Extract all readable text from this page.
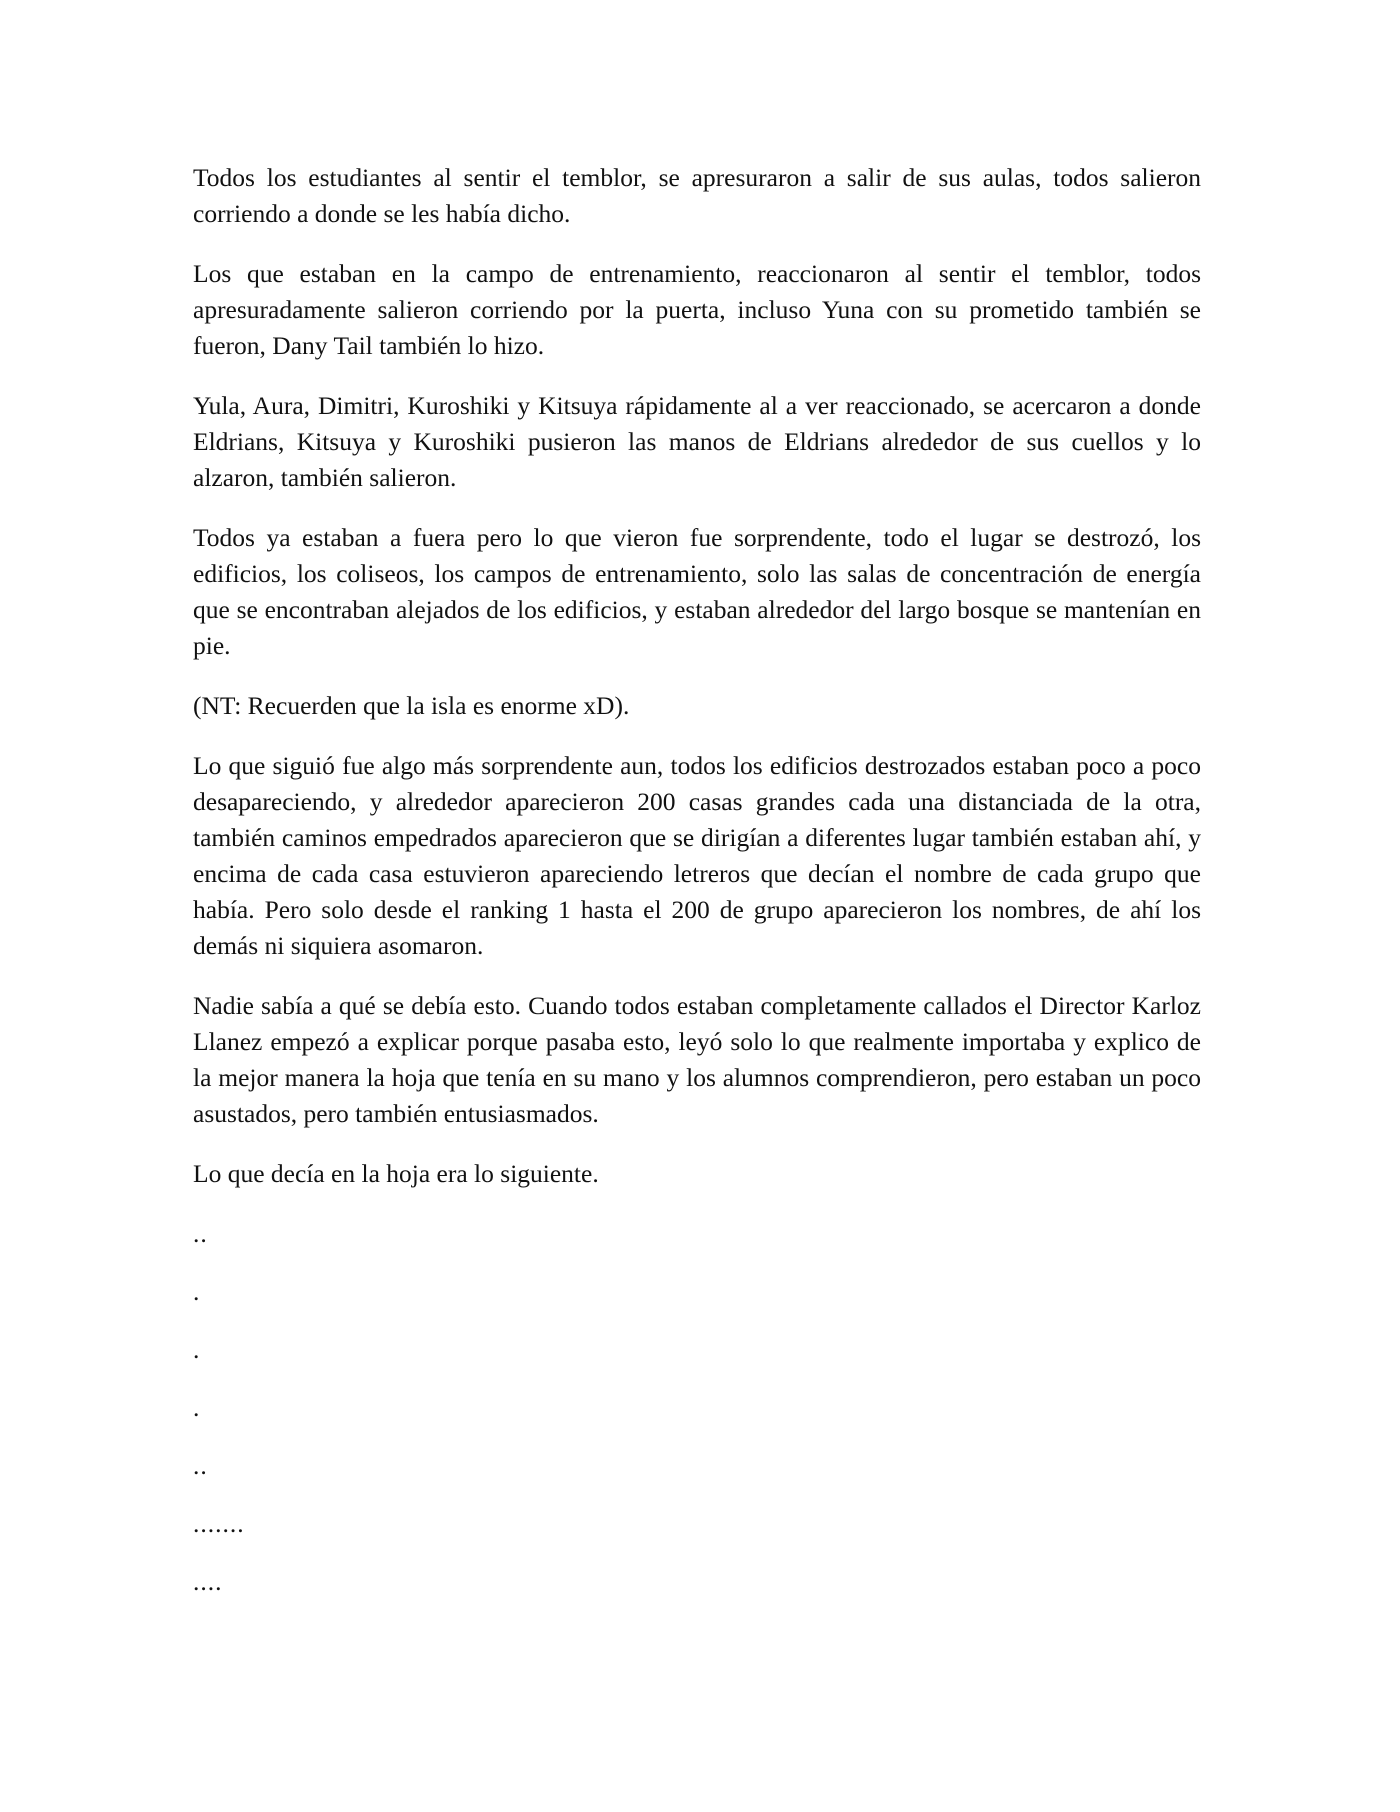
Todos los estudiantes al sentir el temblor, se apresuraron a salir de sus aulas, todos salieron corriendo a donde se les había dicho.

Los que estaban en la campo de entrenamiento, reaccionaron al sentir el temblor, todos apresuradamente salieron corriendo por la puerta, incluso Yuna con su prometido también se fueron, Dany Tail también lo hizo.

Yula, Aura, Dimitri, Kuroshiki y Kitsuya rápidamente al a ver reaccionado, se acercaron a donde Eldrians, Kitsuya y Kuroshiki pusieron las manos de Eldrians alrededor de sus cuellos y lo alzaron, también salieron.

Todos ya estaban a fuera pero lo que vieron fue sorprendente, todo el lugar se destrozó, los edificios, los coliseos, los campos de entrenamiento, solo las salas de concentración de energía que se encontraban alejados de los edificios, y estaban alrededor del largo bosque se mantenían en pie.

(NT: Recuerden que la isla es enorme xD).

Lo que siguió fue algo más sorprendente aun, todos los edificios destrozados estaban poco a poco desapareciendo, y alrededor aparecieron 200 casas grandes cada una distanciada de la otra, también caminos empedrados aparecieron que se dirigían a diferentes lugar también estaban ahí, y encima de cada casa estuvieron apareciendo letreros que decían el nombre de cada grupo que había. Pero solo desde el ranking 1 hasta el 200 de grupo aparecieron los nombres, de ahí los demás ni siquiera asomaron.

Nadie sabía a qué se debía esto. Cuando todos estaban completamente callados el Director Karloz Llanez empezó a explicar porque pasaba esto, leyó solo lo que realmente importaba y explico de la mejor manera la hoja que tenía en su mano y los alumnos comprendieron, pero estaban un poco asustados, pero también entusiasmados.

Lo que decía en la hoja era lo siguiente.

..

.

.

.

..

.......

....
